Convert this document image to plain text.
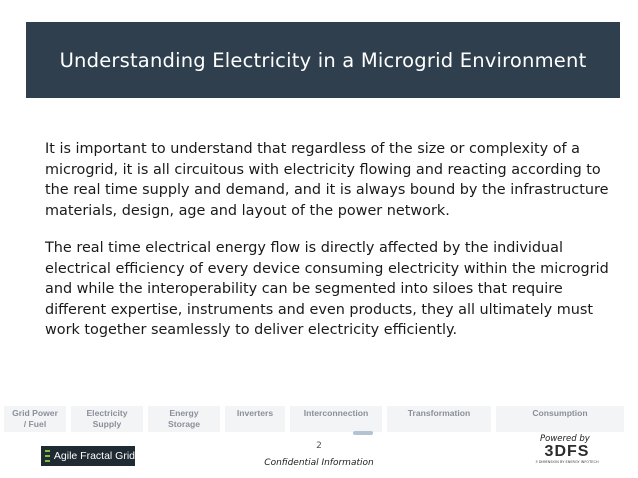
Understanding Electricity in a Microgrid Environment

It is important to understand that regardless of the size or complexity of a microgrid, it is all circuitous with electricity flowing and reacting according to the real time supply and demand, and it is always bound by the infrastructure materials, design, age and layout of the power network.

The real time electrical energy flow is directly affected by the individual electrical efficiency of every device consuming electricity within the microgrid and while the interoperability can be segmented into siloes that require different expertise, instruments and even products, they all ultimately must work together seamlessly to deliver electricity efficiently.

Grid Power
/ Fuel
Electricity
Supply
Energy
Storage
Inverters	Interconnection	Transformation	Consumption
2
Confidential Information
Agile Fractal Grid
Powered by
3DFS
3 DIMENSION BY ENERGY INFOTECH
